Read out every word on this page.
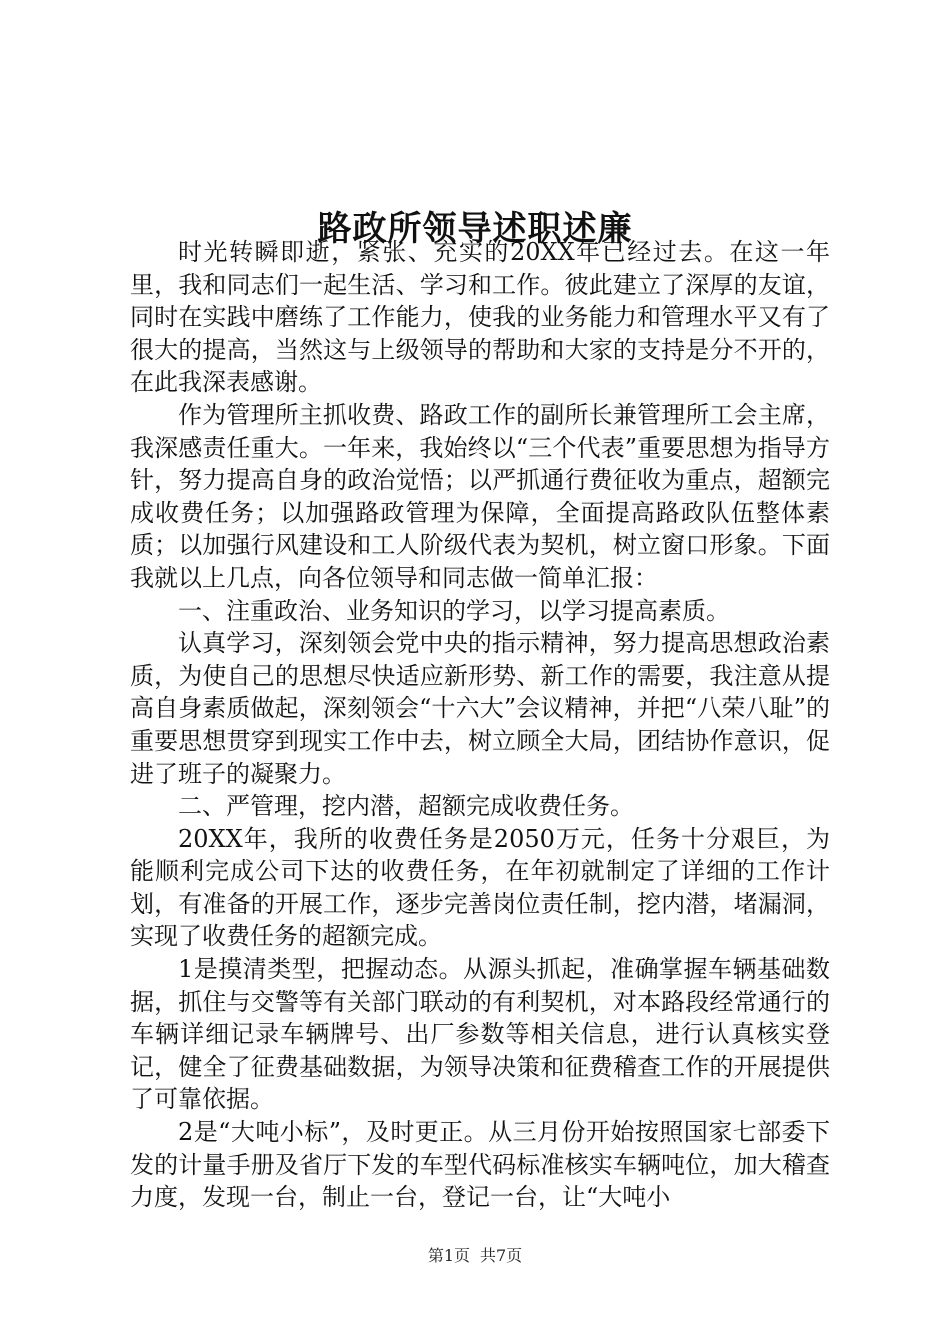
路政所领导述职述廉

时光转瞬即逝，紧张、充实的20XX年已经过去。在这一年里，我和同志们一起生活、学习和工作。彼此建立了深厚的友谊，同时在实践中磨练了工作能力，使我的业务能力和管理水平又有了很大的提高，当然这与上级领导的帮助和大家的支持是分不开的，在此我深表感谢。

作为管理所主抓收费、路政工作的副所长兼管理所工会主席，我深感责任重大。一年来，我始终以“三个代表”重要思想为指导方针，努力提高自身的政治觉悟；以严抓通行费征收为重点，超额完成收费任务；以加强路政管理为保障，全面提高路政队伍整体素质；以加强行风建设和工人阶级代表为契机，树立窗口形象。下面我就以上几点，向各位领导和同志做一简单汇报：

一、注重政治、业务知识的学习，以学习提高素质。

认真学习，深刻领会党中央的指示精神，努力提高思想政治素质，为使自己的思想尽快适应新形势、新工作的需要，我注意从提高自身素质做起，深刻领会“十六大”会议精神，并把“八荣八耻”的重要思想贯穿到现实工作中去，树立顾全大局，团结协作意识，促进了班子的凝聚力。

二、严管理，挖内潜，超额完成收费任务。

20XX年，我所的收费任务是2050万元，任务十分艰巨，为能顺利完成公司下达的收费任务，在年初就制定了详细的工作计划，有准备的开展工作，逐步完善岗位责任制，挖内潜，堵漏洞，实现了收费任务的超额完成。

1是摸清类型，把握动态。从源头抓起，准确掌握车辆基础数据，抓住与交警等有关部门联动的有利契机，对本路段经常通行的车辆详细记录车辆牌号、出厂参数等相关信息，进行认真核实登记，健全了征费基础数据，为领导决策和征费稽查工作的开展提供了可靠依据。

2是“大吨小标”，及时更正。从三月份开始按照国家七部委下发的计量手册及省厅下发的车型代码标准核实车辆吨位，加大稽查力度，发现一台，制止一台，登记一台，让“大吨小

第1页 共7页
